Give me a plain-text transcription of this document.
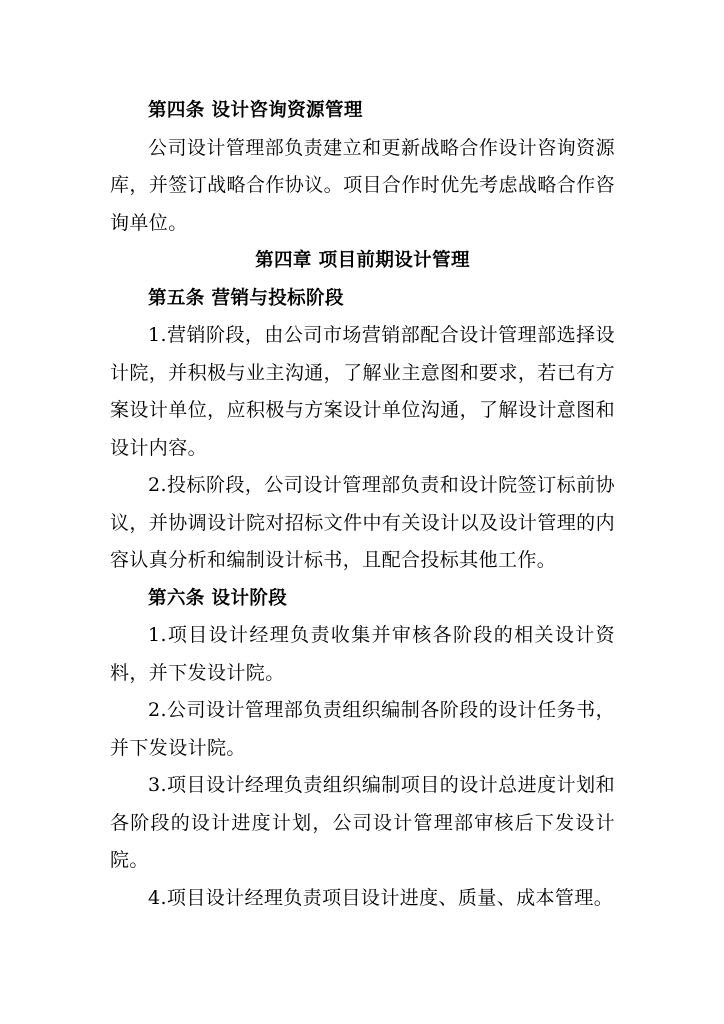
第四条 设计咨询资源管理

公司设计管理部负责建立和更新战略合作设计咨询资源库，并签订战略合作协议。项目合作时优先考虑战略合作咨询单位。

第四章 项目前期设计管理
第五条 营销与投标阶段

1.营销阶段，由公司市场营销部配合设计管理部选择设计院，并积极与业主沟通，了解业主意图和要求，若已有方案设计单位，应积极与方案设计单位沟通，了解设计意图和设计内容。

2.投标阶段，公司设计管理部负责和设计院签订标前协议，并协调设计院对招标文件中有关设计以及设计管理的内容认真分析和编制设计标书，且配合投标其他工作。

第六条 设计阶段

1.项目设计经理负责收集并审核各阶段的相关设计资料，并下发设计院。

2.公司设计管理部负责组织编制各阶段的设计任务书，并下发设计院。

3.项目设计经理负责组织编制项目的设计总进度计划和各阶段的设计进度计划，公司设计管理部审核后下发设计院。

4.项目设计经理负责项目设计进度、质量、成本管理。
